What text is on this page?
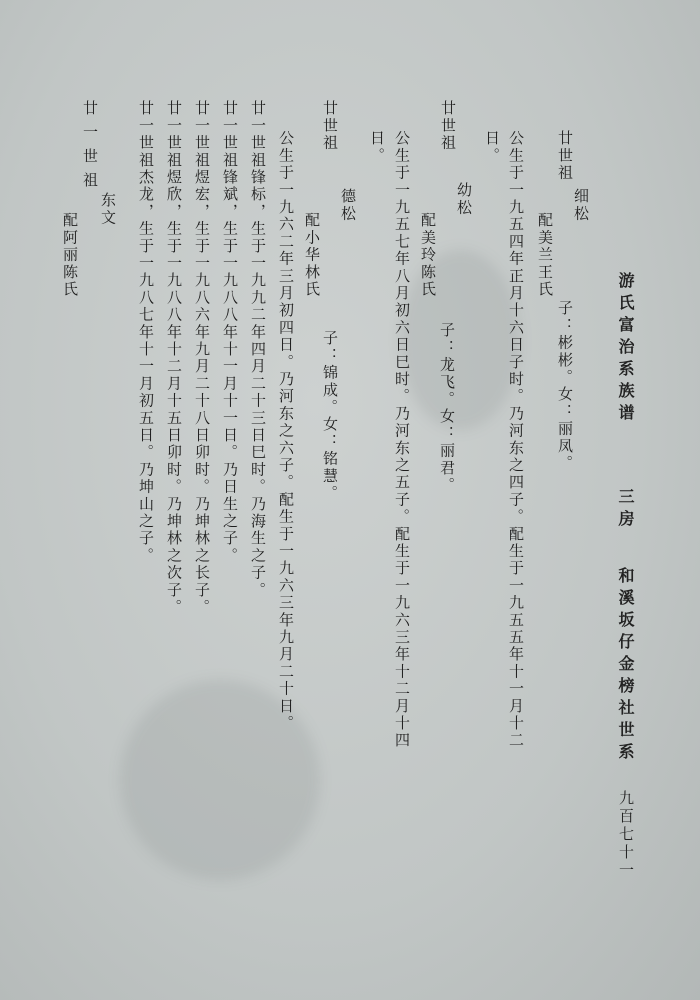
游氏富治系族谱
三房
和溪坂仔金榜社世系
九百七十一
廿世祖
细松
配美兰王氏
子：彬彬。女：丽凤。
公生于一九五四年正月十六日子时。乃河东之四子。配生于一九五五年十一月十二
日。
廿世祖
幼松
配美玲陈氏
子：龙飞。女：丽君。
公生于一九五七年八月初六日巳时。乃河东之五子。配生于一九六三年十二月十四
日。
廿世祖
德松
配小华林氏
子：锦成。女：铭慧。
公生于一九六二年三月初四日。乃河东之六子。配生于一九六三年九月二十日。
廿一世祖锋标，生于一九九二年四月二十三日巳时。乃海生之子。
廿一世祖锋斌，生于一九八八年十一月十一日。乃日生之子。
廿一世祖煜宏，生于一九八六年九月二十八日卯时。乃坤林之长子。
廿一世祖煜欣，生于一九八八年十二月十五日卯时。乃坤林之次子。
廿一世祖杰龙，生于一九八七年十一月初五日。乃坤山之子。
廿一世祖
东文
配阿丽陈氏
